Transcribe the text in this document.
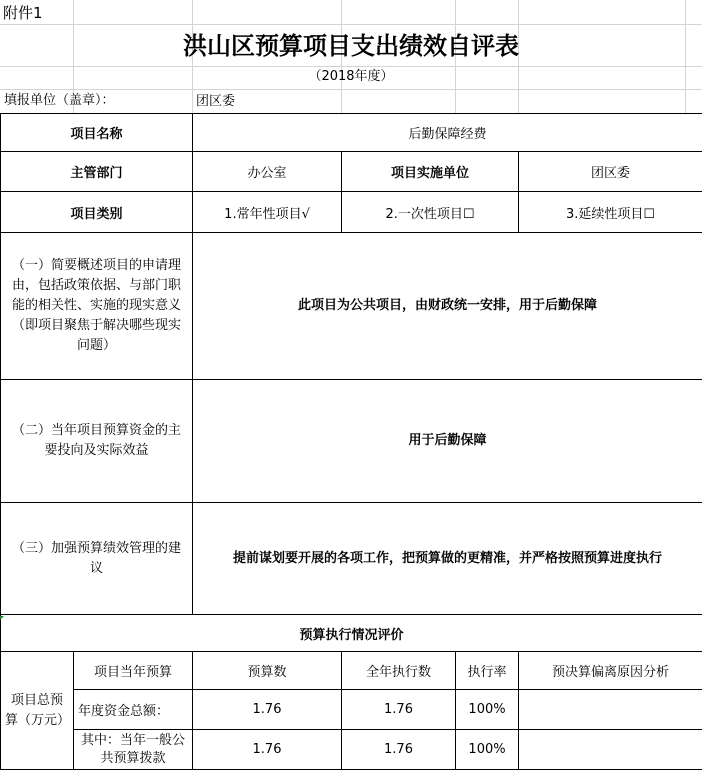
附件1
洪山区预算项目支出绩效自评表
（2018年度）
填报单位（盖章）：	团区委
项目名称		后勤保障经费			
主管部门		办公室	项目实施单位		团区委
项目类别		1.常年性项目√	2.一次性项目☐		3.延续性项目☐
（一）简要概述项目的申请理由，包括政策依据、与部门职能的相关性、实施的现实意义（即项目聚焦于解决哪些现实问题）		此项目为公共项目，由财政统一安排，用于后勤保障			
（二）当年项目预算资金的主要投向及实际效益		用于后勤保障			
（三）加强预算绩效管理的建议		提前谋划要开展的各项工作，把预算做的更精准，并严格按照预算进度执行			
预算执行情况评价					
项目总预算（万元）	项目当年预算	预算数	全年执行数	执行率	预决算偏离原因分析
	年度资金总额：	1.76	1.76	100%	
	其中：当年一般公共预算拨款	1.76	1.76	100%	
